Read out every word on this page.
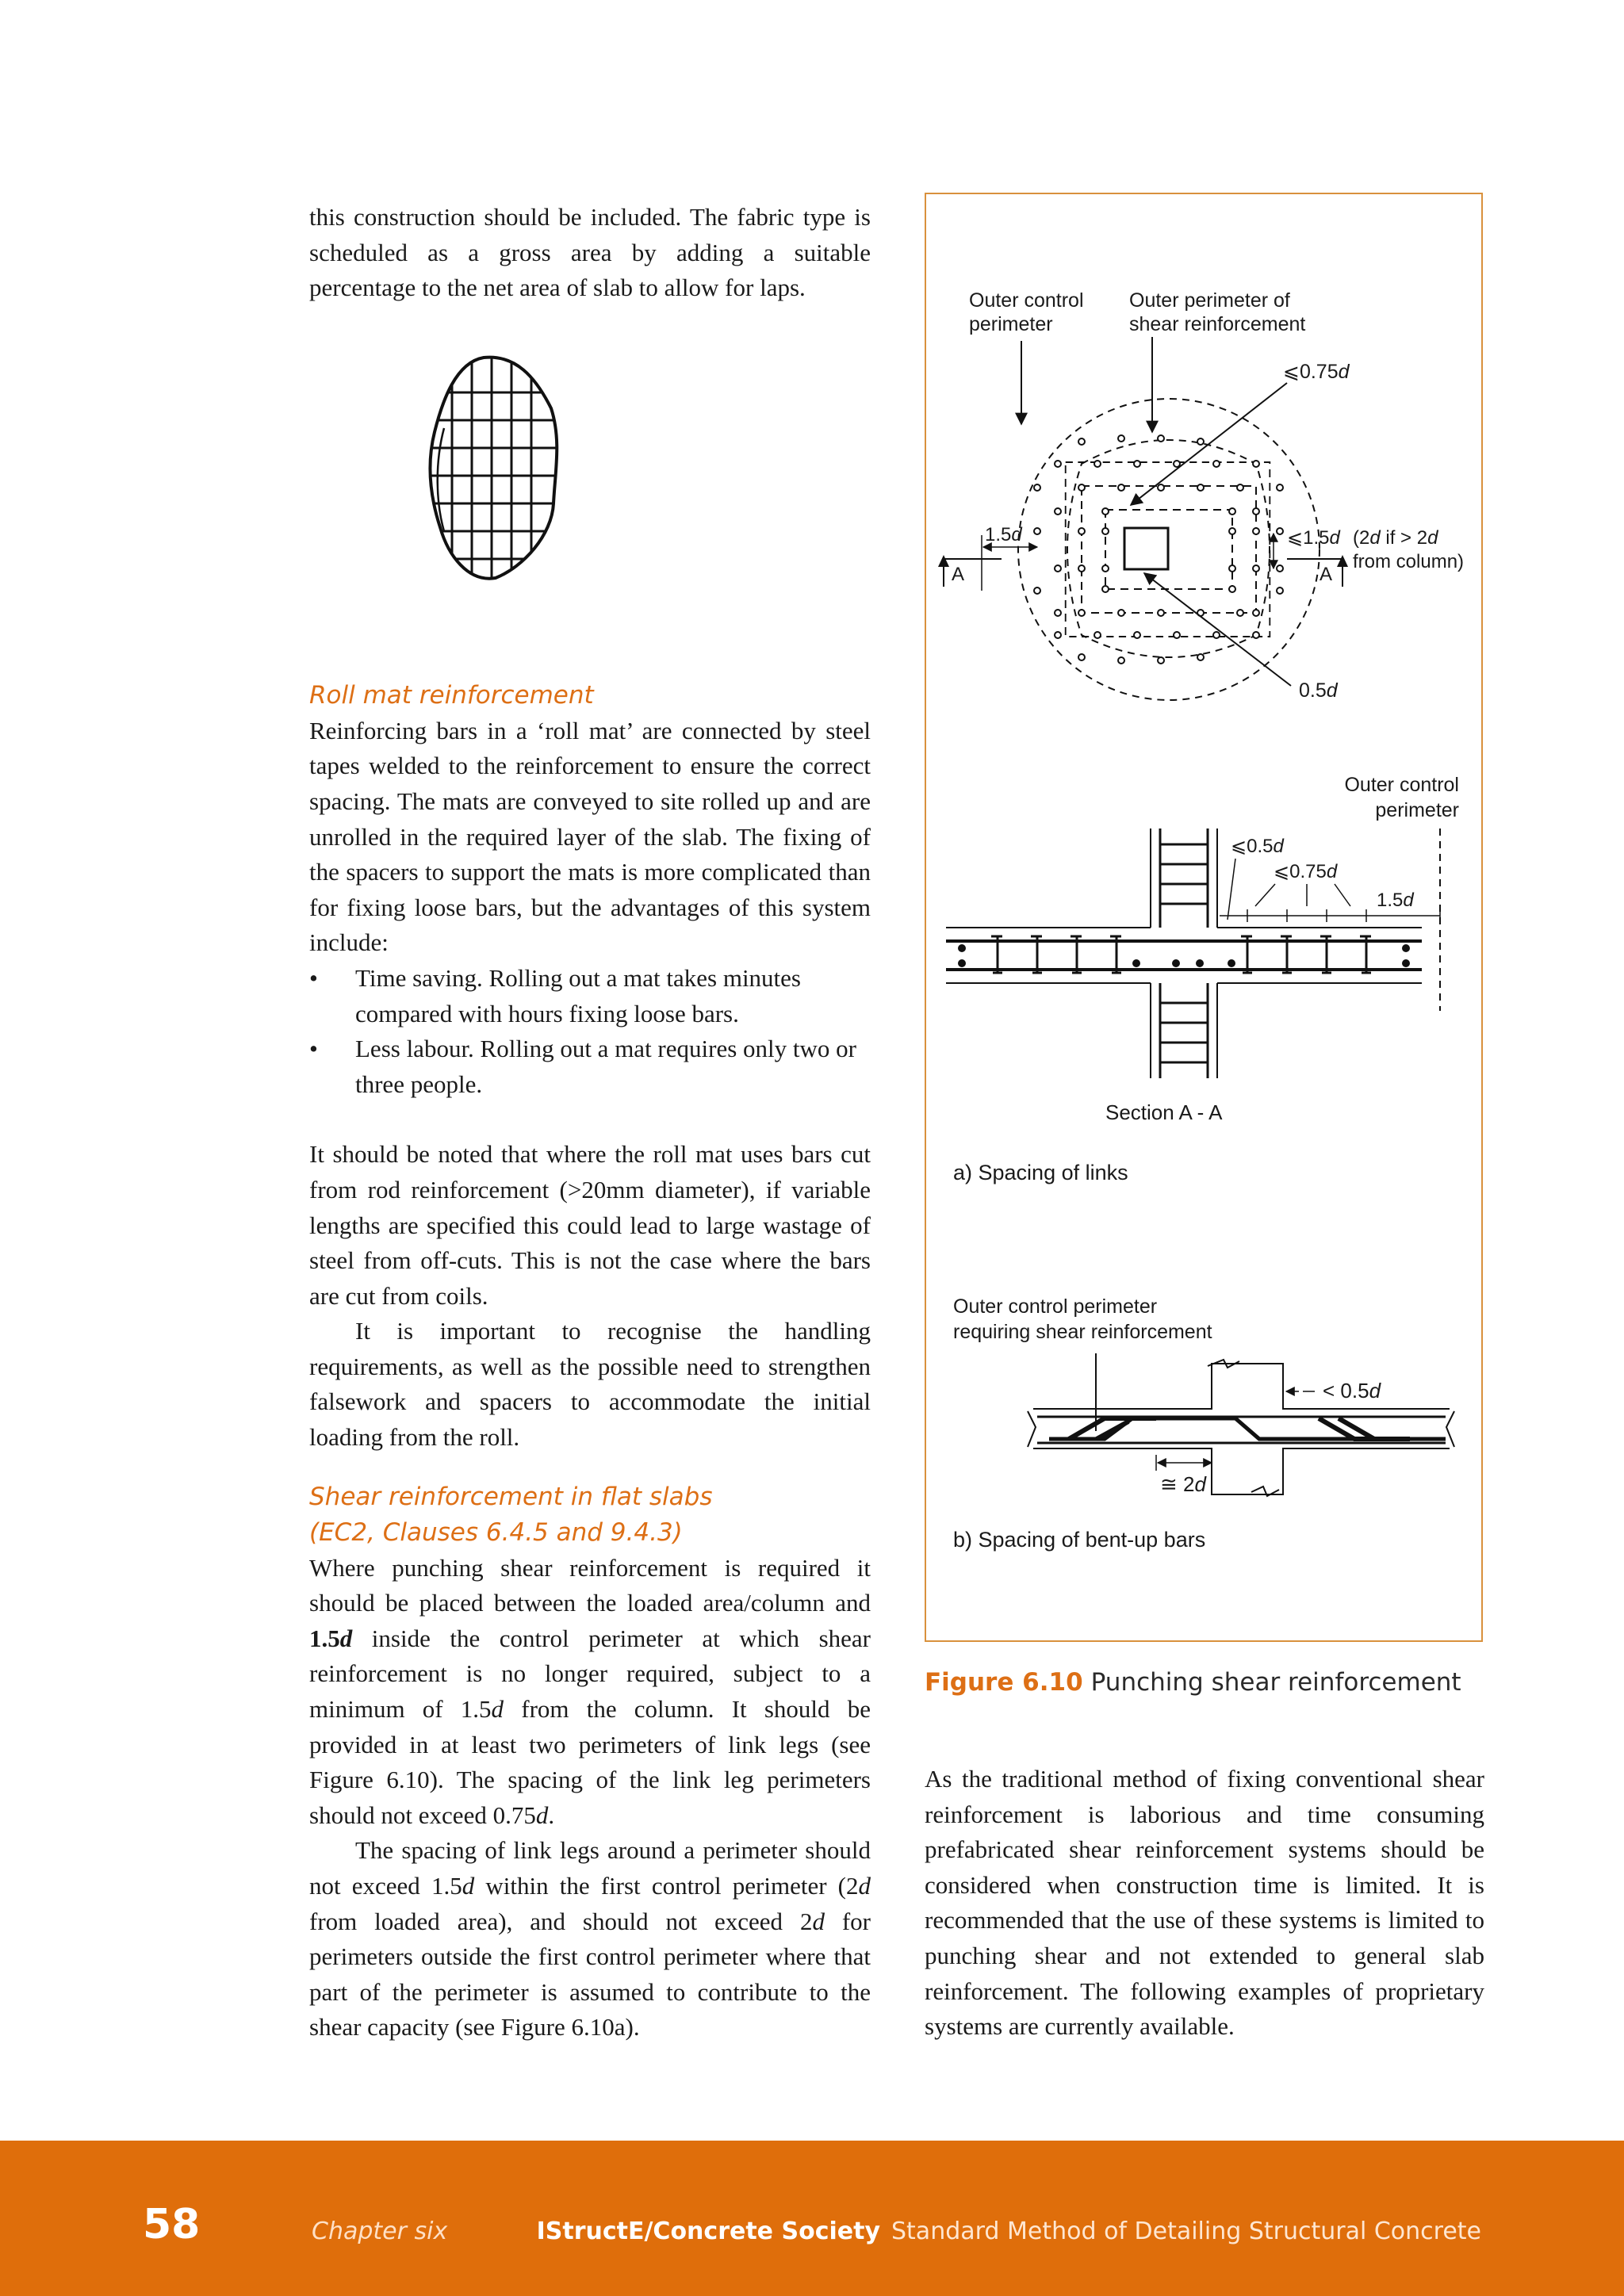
this construction should be included. The fabric type is scheduled as a gross area by adding a suitable percentage to the net area of slab to allow for laps.

Roll mat reinforcement

Reinforcing bars in a ‘roll mat’ are connected by steel tapes welded to the reinforcement to ensure the correct spacing. The mats are conveyed to site rolled up and are unrolled in the required layer of the slab. The fixing of the spacers to support the mats is more complicated than for fixing loose bars, but the advantages of this system include:

• Time saving. Rolling out a mat takes minutes compared with hours fixing loose bars.
• Less labour. Rolling out a mat requires only two or three people.

It should be noted that where the roll mat uses bars cut from rod reinforcement (>20mm diameter), if variable lengths are specified this could lead to large wastage of steel from off-cuts. This is not the case where the bars are cut from coils.

It is important to recognise the handling requirements, as well as the possible need to strengthen falsework and spacers to accommodate the initial loading from the roll.

Shear reinforcement in flat slabs
(EC2, Clauses 6.4.5 and 9.4.3)

Where punching shear reinforcement is required it should be placed between the loaded area/column and 1.5d inside the control perimeter at which shear reinforcement is no longer required, subject to a minimum of 1.5d from the column. It should be provided in at least two perimeters of link legs (see Figure 6.10). The spacing of the link leg perimeters should not exceed 0.75d.

The spacing of link legs around a perimeter should not exceed 1.5d within the first control perimeter (2d from loaded area), and should not exceed 2d for perimeters outside the first control perimeter where that part of the perimeter is assumed to contribute to the shear capacity (see Figure 6.10a).

Outer control
perimeter
Outer perimeter of
shear reinforcement
⩽0.75d
0.5d
1.5d	⩽1.5d (2d if > 2d
from column)
A	A
Outer control
perimeter
⩽0.5d
⩽0.75d
1.5d
Section A - A
a) Spacing of links
Outer control perimeter
requiring shear reinforcement
< 0.5d
≅ 2d
b) Spacing of bent-up bars
Figure 6.10 Punching shear reinforcement

As the traditional method of fixing conventional shear reinforcement is laborious and time consuming prefabricated shear reinforcement systems should be considered when construction time is limited. It is recommended that the use of these systems is limited to punching shear and not extended to general slab reinforcement. The following examples of proprietary systems are currently available.

58	Chapter six	IStructE/Concrete Society Standard Method of Detailing Structural Concrete
